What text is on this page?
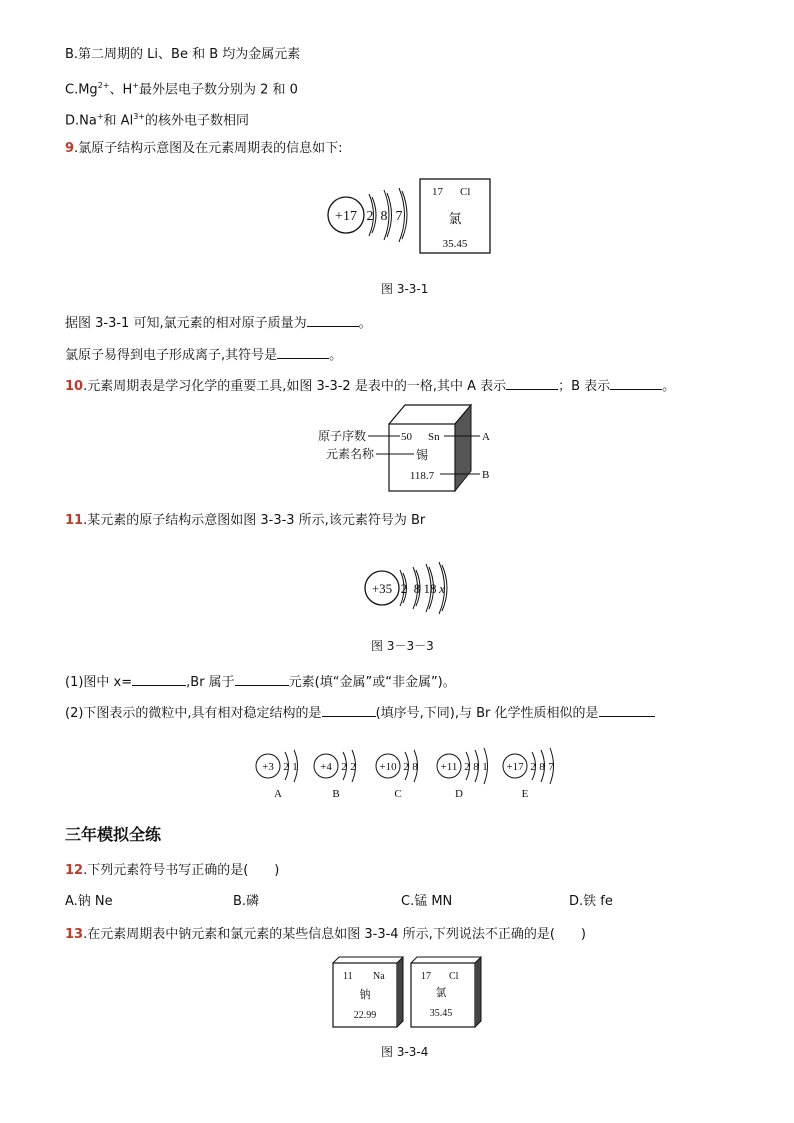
B.第二周期的 Li、Be 和 B 均为金属元素
$C.Mg^{2+}$、H+最外层电子数分别为 2 和 0
D.Na+和 $Al^{3+}$的核外电子数相同
9.氯原子结构示意图及在元素周期表的信息如下:
+17 2 8 7
17 Cl
氯
35.45
图 3-3-1
据图 3-3-1 可知,氯元素的相对原子质量为	。
氯原子易得到电子形成离子,其符号是	。
10.元素周期表是学习化学的重要工具,如图 3-3-2 是表中的一格,其中 A 表示	；B 表示	。
50 Sn
锡
118.7
原子序数
元素名称
A
B
11.某元素的原子结构示意图如图 3-3-3 所示,该元素符号为 Br
+35 2 8 18 x
图 3－3－3
(1)图中 x=	,Br 属于	元素(填“金属”或“非金属”)。
(2)下图表示的微粒中,具有相对稳定结构的是	(填序号,下同),与 Br 化学性质相似的是
+3 2 1
A
+4 2 2
B
+10 2 8
C
+11 2 8 1
D
+17 2 8 7
E
三年模拟全练
12.下列元素符号书写正确的是(　　)
A.钠 Ne	B.磷	C.锰 MN	D.铁 fe
13.在元素周期表中钠元素和氯元素的某些信息如图 3-3-4 所示,下列说法不正确的是(　　)
11 Na
钠
22.99
17 Cl
氯
35.45
图 3-3-4
